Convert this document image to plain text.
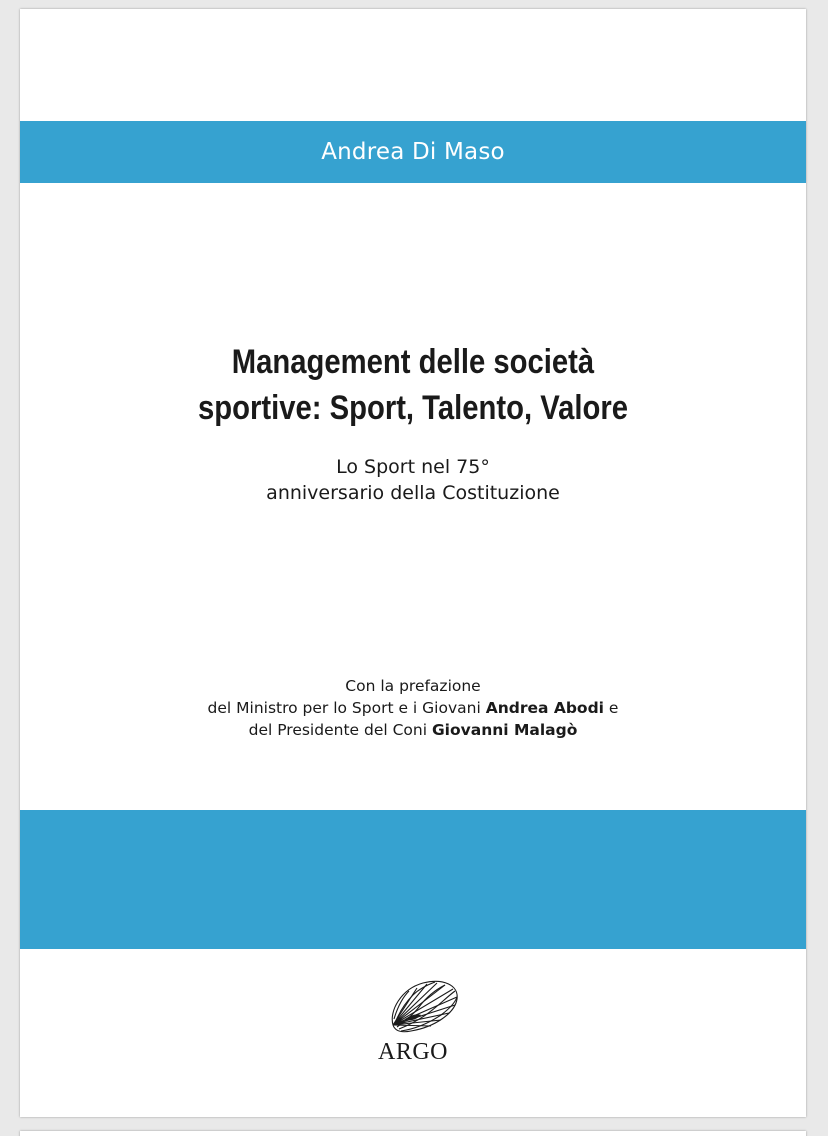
Andrea Di Maso
Management delle società
sportive: Sport, Talento, Valore
Lo Sport nel 75°
anniversario della Costituzione
Con la prefazione
del Ministro per lo Sport e i Giovani Andrea Abodi e
del Presidente del Coni Giovanni Malagò
ARGO
